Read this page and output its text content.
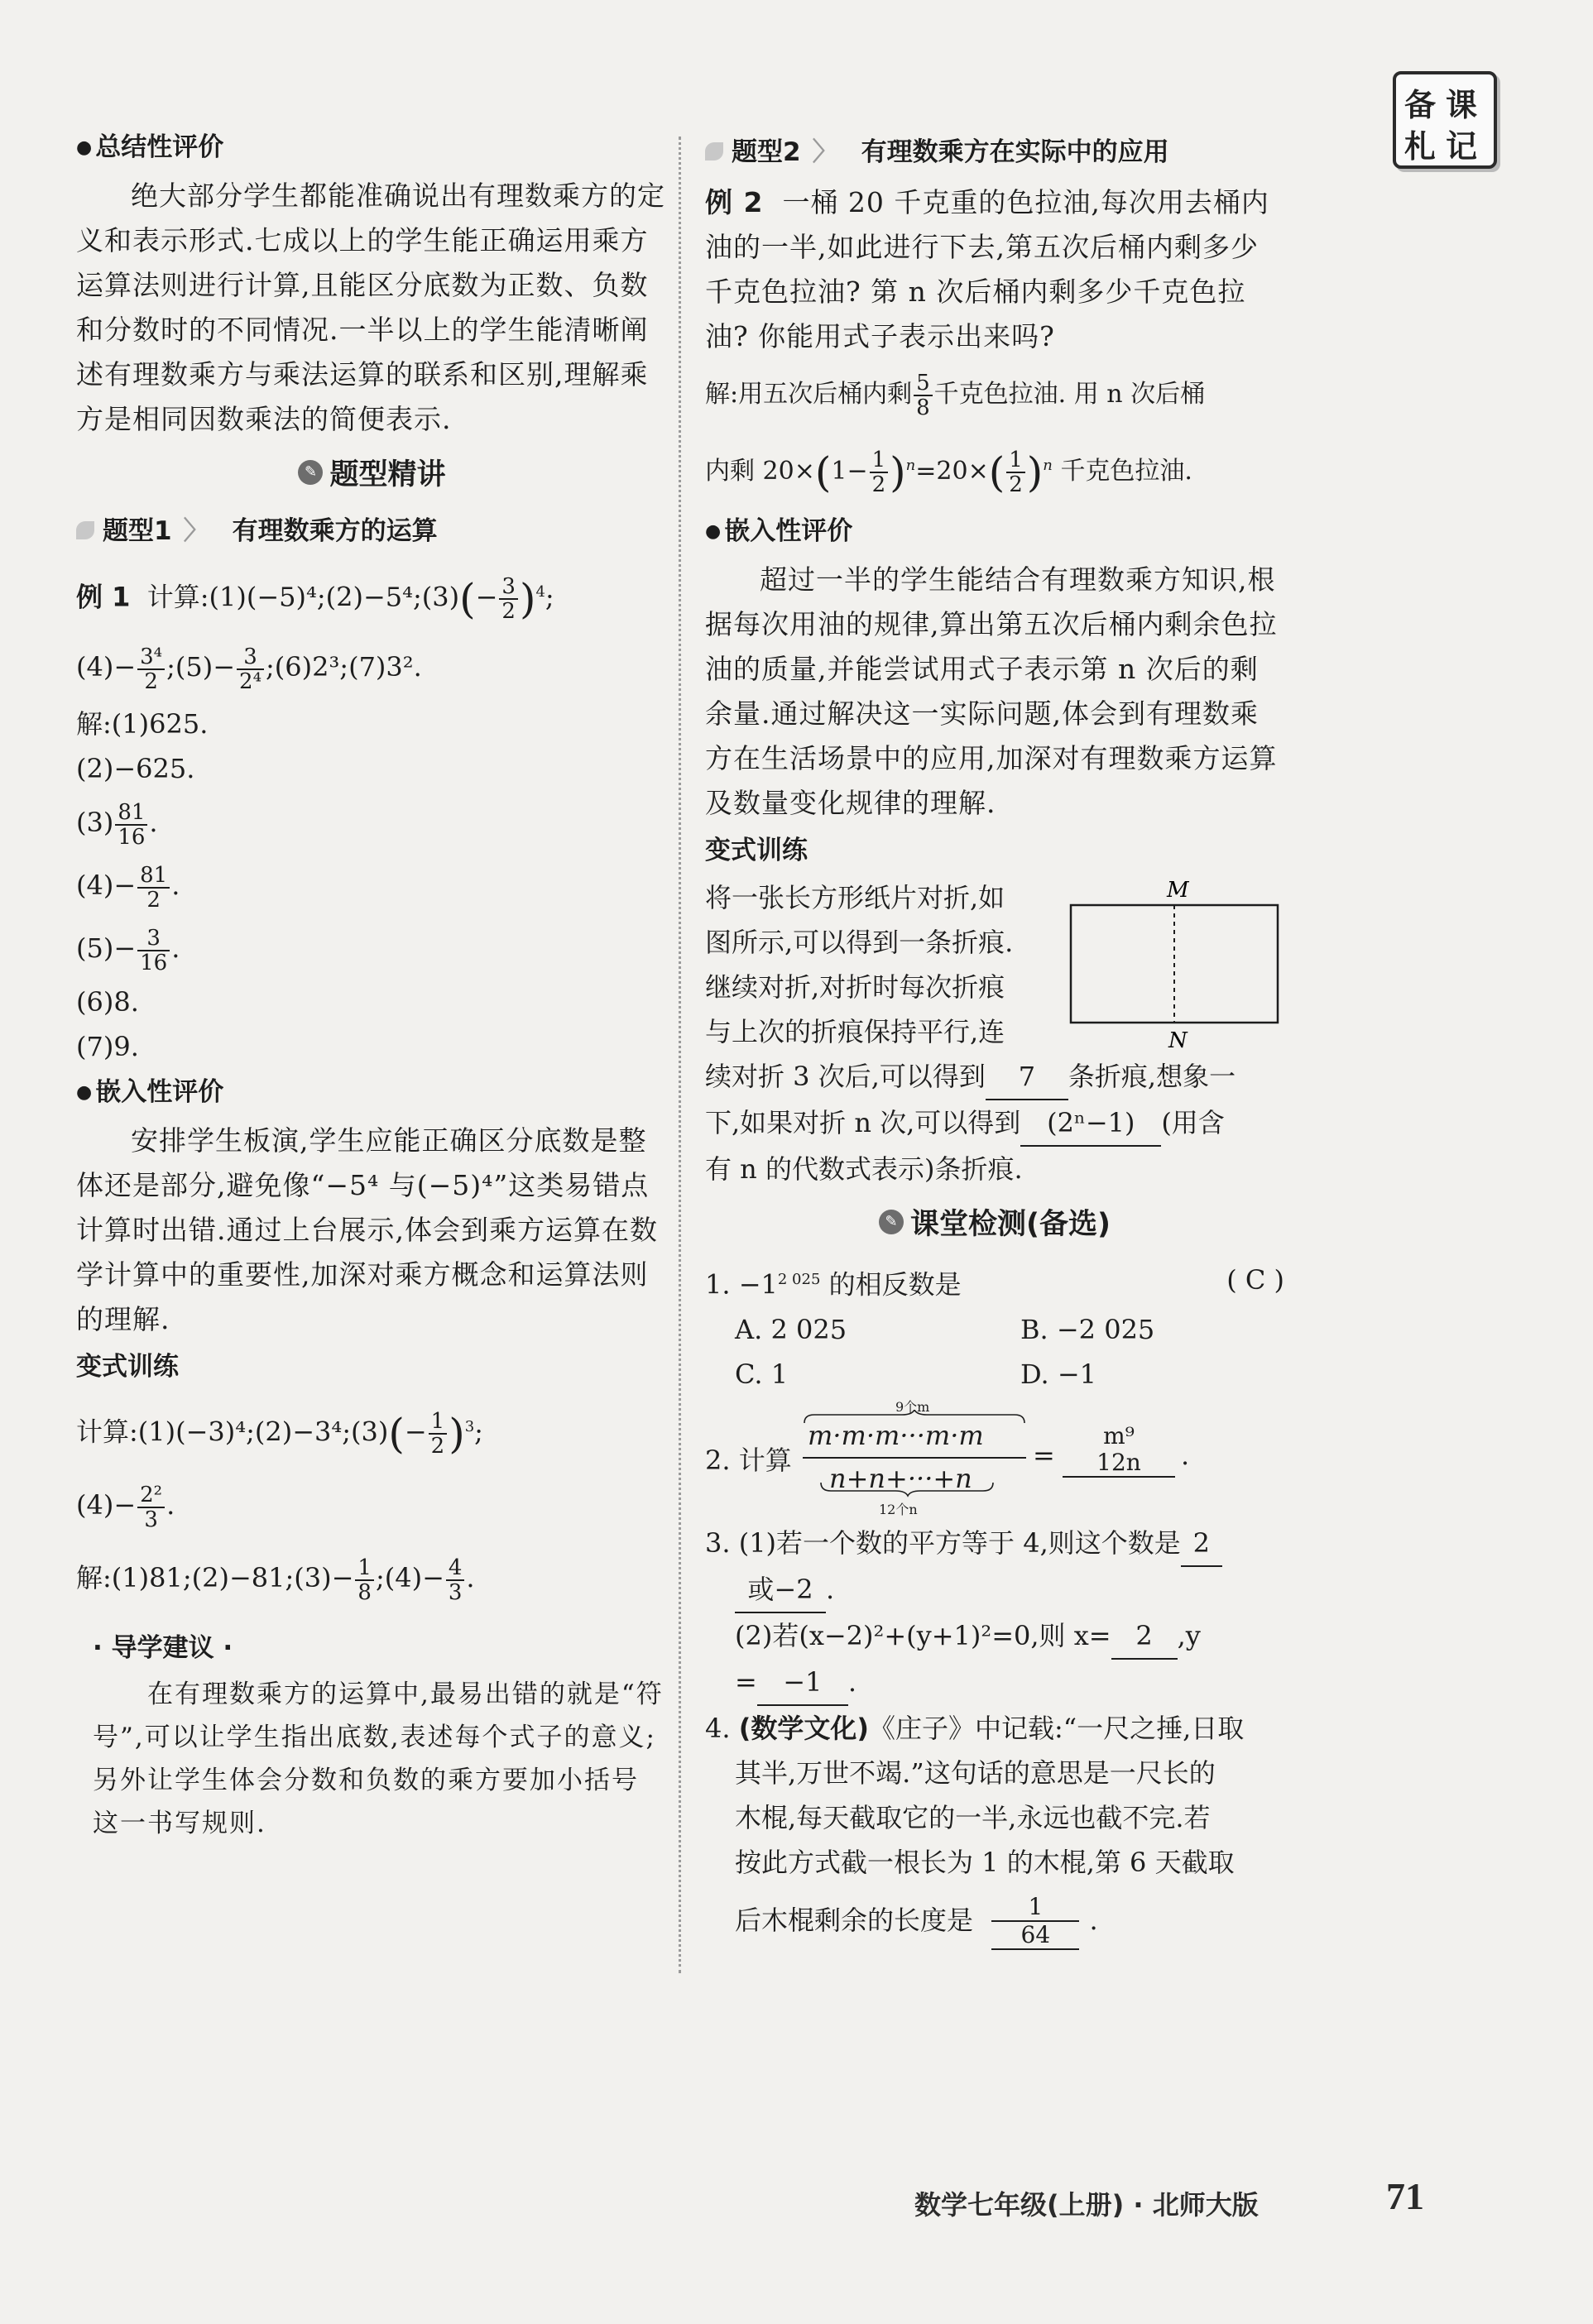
备 课
札 记
● 总结性评价

绝大部分学生都能准确说出有理数乘方的定义和表示形式.七成以上的学生能正确运用乘方运算法则进行计算,且能区分底数为正数、负数和分数时的不同情况.一半以上的学生能清晰阐述有理数乘方与乘法运算的联系和区别,理解乘方是相同因数乘法的简便表示.

✎ 题型精讲
题型1 〉 有理数乘方的运算

例 1 计算:(1)(−5)⁴;(2)−5⁴;(3)(− $\frac{3}{2} )^4$;

$(4)- \frac{\text{3⁴}}{2}$ ;(5)− $\frac{3}{\text{2⁴}}$ ;(6)2³;(7)3².

解:(1)625.

(2)−625.

$(3) \frac{81}{16}$ .

$(4)- \frac{81}{2}$ .

$(5)- \frac{3}{16}$ .

(6)8.

(7)9.

● 嵌入性评价

安排学生板演,学生应能正确区分底数是整体还是部分,避免像“−5⁴ 与(−5)⁴”这类易错点计算时出错.通过上台展示,体会到乘方运算在数学计算中的重要性,加深对乘方概念和运算法则的理解.

变式训练

计算:(1)(−3)⁴;(2)−3⁴;(3)(− $\frac{1}{2} )^3$;

$(4)- \frac{\text{2²}}{3}$ .

解:(1)81;(2)−81;(3)− $\frac{1}{8}$ ;(4)− $\frac{4}{3}$ .

· 导学建议 ·

在有理数乘方的运算中,最易出错的就是“符号”,可以让学生指出底数,表述每个式子的意义;另外让学生体会分数和负数的乘方要加小括号这一书写规则.

题型2 〉 有理数乘方在实际中的应用

例 2 一桶 20 千克重的色拉油,每次用去桶内油的一半,如此进行下去,第五次后桶内剩多少千克色拉油? 第 n 次后桶内剩多少千克色拉油? 你能用式子表示出来吗?

解:用五次后桶内剩 $\frac{5}{8}$ 千克色拉油. 用 n 次后桶

内剩 $20\times(1- \frac{1}{2} )^n=20\times( \frac{1}{2} )^n$ 千克色拉油.

● 嵌入性评价

超过一半的学生能结合有理数乘方知识,根据每次用油的规律,算出第五次后桶内剩余色拉油的质量,并能尝试用式子表示第 n 次后的剩余量.通过解决这一实际问题,体会到有理数乘方在生活场景中的应用,加深对有理数乘方运算及数量变化规律的理解.

变式训练

将一张长方形纸片对折,如

图所示,可以得到一条折痕.

继续对折,对折时每次折痕

与上次的折痕保持平行,连

M
N

续对折 3 次后,可以得到 7 条折痕,想象一

下,如果对折 n 次,可以得到 (2ⁿ−1) (用含

有 n 的代数式表示)条折痕.

✎ 课堂检测(备选)

1. $-1^{2 025}$ 的相反数是	( C )

A. 2 025	B. −2 025

C. 1	D. −1

2. 计算
9个m
m·m·m···m·m
n+n+···+n
12个n
=
m⁹
12n	.

3. (1)若一个数的平方等于 4,则这个数是 2

或−2 .

(2)若(x−2)²+(y+1)²=0,则 x= 2 ,y

= −1 .

4. (数学文化)《庄子》中记载:“一尺之捶,日取

其半,万世不竭.”这句话的意思是一尺长的

木棍,每天截取它的一半,永远也截不完.若

按此方式截一根长为 1 的木棍,第 6 天截取

后木棍剩余的长度是 $\frac{1}{64}$ .

数学七年级(上册) · 北师大版	71
